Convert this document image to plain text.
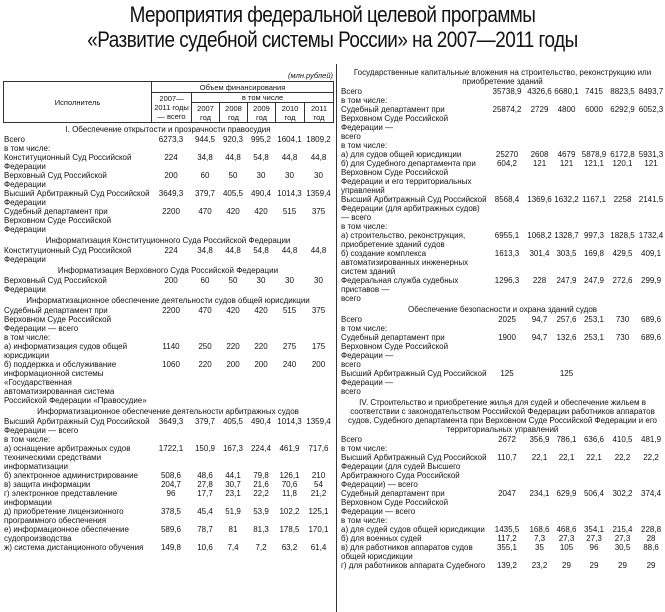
Мероприятия федеральной целевой программы
«Развитие судебной системы России» на 2007—2011 годы
(млн.рублей)
Исполнитель	Объем финансирования					
	2007—2011 годы — всего	в том числе				
		2007 год	2008 год	2009 год	2010 год	2011 год
I. Обеспечение открытости и прозрачности правосудия						
Всего	6273,3	944,5	920,3	995,2	1604,1	1809,2
в том числе:						
Конституционный Суд Российской Федерации	224	34,8	44,8	54,8	44,8	44,8
Верховный Суд Российской Федерации	200	60	50	30	30	30
Высший Арбитражный Суд Российской Федерации	3649,3	379,7	405,5	490,4	1014,3	1359,4
Судебный департамент при Верховном Суде Российской Федерации	2200	470	420	420	515	375
Информатизация Конституционного Суда Российской Федерации						
Конституционный Суд Российской Федерации	224	34,8	44,8	54,8	44,8	44,8
Информатизация Верховного Суда Российской Федерации						
Верховный Суд Российской Федерации	200	60	50	30	30	30
Информатизационное обеспечение деятельности судов общей юрисдикции						
Судебный департамент при Верховном Суде Российской Федерации — всего	2200	470	420	420	515	375
в том числе:						
а) информатизация судов общей юрисдикции	1140	250	220	220	275	175
б) поддержка и обслуживание информационной системы «Государственная автоматизированная система Российской Федерации «Правосудие»	1060	220	200	200	240	200
Информатизационное обеспечение деятельности арбитражных судов						
Высший Арбитражный Суд Российской Федерации — всего	3649,3	379,7	405,5	490,4	1014,3	1359,4
в том числе:						
а) оснащение арбитражных судов техническими средствами информатизации	1722,1	150,9	167,3	224,4	461,9	717,6
б) электронное администрирование	508,6	48,6	44,1	79,8	126,1	210
в) защита информации	204,7	27,8	30,7	21,6	70,6	54
г) электронное представление информации	96	17,7	23,1	22,2	11,8	21,2
д) приобретение лицензионного программного обеспечения	378,5	45,4	51,9	53,9	102,2	125,1
е) информационное обеспечение судопроизводства	589,6	78,7	81	81,3	178,5	170,1
ж) система дистанционного обучения	149,8	10,6	7,4	7,2	63,2	61,4
Государственные капитальные вложения на строительство, реконструкцию или приобретение зданий						
Всего	35738,9	4326,6	6680,1	7415	8823,5	8493,7
в том числе:						
Судебный департамент при Верховном Суде Российской Федерации —	25874,2	2729	4800	6000	6292,9	6052,3
всего						
в том числе:						
а) для судов общей юрисдикции	25270	2608	4679	5878,9	6172,8	5931,3
б) для Судебного департамента при Верховном Суде Российской Федерации и его территориальных управлений	604,2	121	121	121,1	120,1	121
Высший Арбитражный Суд Российской Федерации (для арбитражных судов) — всего	8568,4	1369,6	1632,2	1167,1	2258	2141,5
в том числе:						
а) строительство, реконструкция, приобретение зданий судов	6955,1	1068,2	1328,7	997,3	1828,5	1732,4
б) создание комплекса автоматизированных инженерных систем зданий	1613,3	301,4	303,5	169,8	429,5	409,1
Федеральная служба судебных приставов —	1296,3	228	247,9	247,9	272,6	299,9
всего						
Обеспечение безопасности и охрана зданий судов						
Всего	2025	94,7	257,6	253,1	730	689,6
в том числе:						
Судебный департамент при Верховном Суде Российской Федерации —	1900	94,7	132,6	253,1	730	689,6
всего						
Высший Арбитражный Суд Российской Федерации —	125		125			
всего						
IV. Строительство и приобретение жилья для судей и обеспечение жильем в соответствии с законодательством Российской Федерации работников аппаратов судов, Судебного департамента при Верховном Суде Российской Федерации и его территориальных управлений						
Всего	2672	356,9	786,1	636,6	410,5	481,9
в том числе:						
Высший Арбитражный Суд Российской Федерации (для судей Высшего Арбитражного Суда Российской Федерации) — всего	110,7	22,1	22,1	22,1	22,2	22,2
Судебный департамент при Верховном Суде Российской Федерации — всего	2047	234,1	629,9	506,4	302,2	374,4
в том числе:						
а) для судей судов общей юрисдикции	1435,5	168,6	468,6	354,1	215,4	228,8
б) для военных судей	117,2	7,3	27,3	27,3	27,3	28
в) для работников аппаратов судов общей юрисдикции	355,1	35	105	96	30,5	88,6
г) для работников аппарата Судебного	139,2	23,2	29	29	29	29
